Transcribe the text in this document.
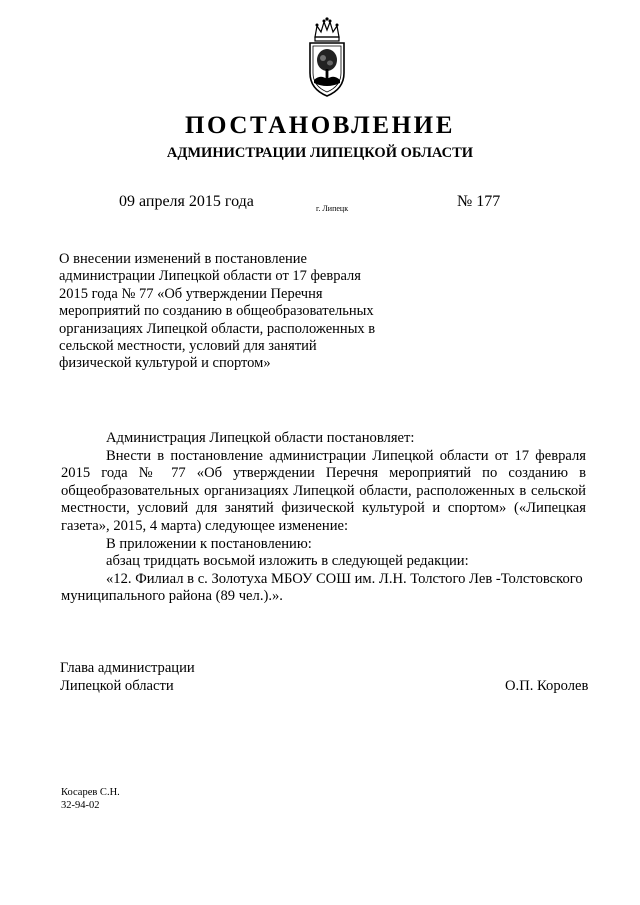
ПОСТАНОВЛЕНИЕ
АДМИНИСТРАЦИИ ЛИПЕЦКОЙ ОБЛАСТИ
09 апреля 2015 года	г. Липецк	№ 177
О внесении изменений в постановление
администрации Липецкой области от 17 февраля
2015 года № 77 «Об утверждении Перечня
мероприятий по созданию в общеобразовательных
организациях Липецкой области, расположенных в
сельской местности, условий для занятий
физической культурой и спортом»
Администрация Липецкой области постановляет:
Внести в постановление администрации Липецкой области от 17 февраля
2015 года № 77 «Об утверждении Перечня мероприятий по созданию в
общеобразовательных организациях Липецкой области, расположенных в сельской
местности, условий для занятий физической культурой и спортом» («Липецкая
газета», 2015, 4 марта) следующее изменение:
В приложении к постановлению:
абзац тридцать восьмой изложить в следующей редакции:
«12. Филиал в с. Золотуха МБОУ СОШ им. Л.Н. Толстого Лев -Толстовского
муниципального района (89 чел.).».
Глава администрации
Липецкой области	О.П. Королев
Косарев С.Н.
32-94-02
